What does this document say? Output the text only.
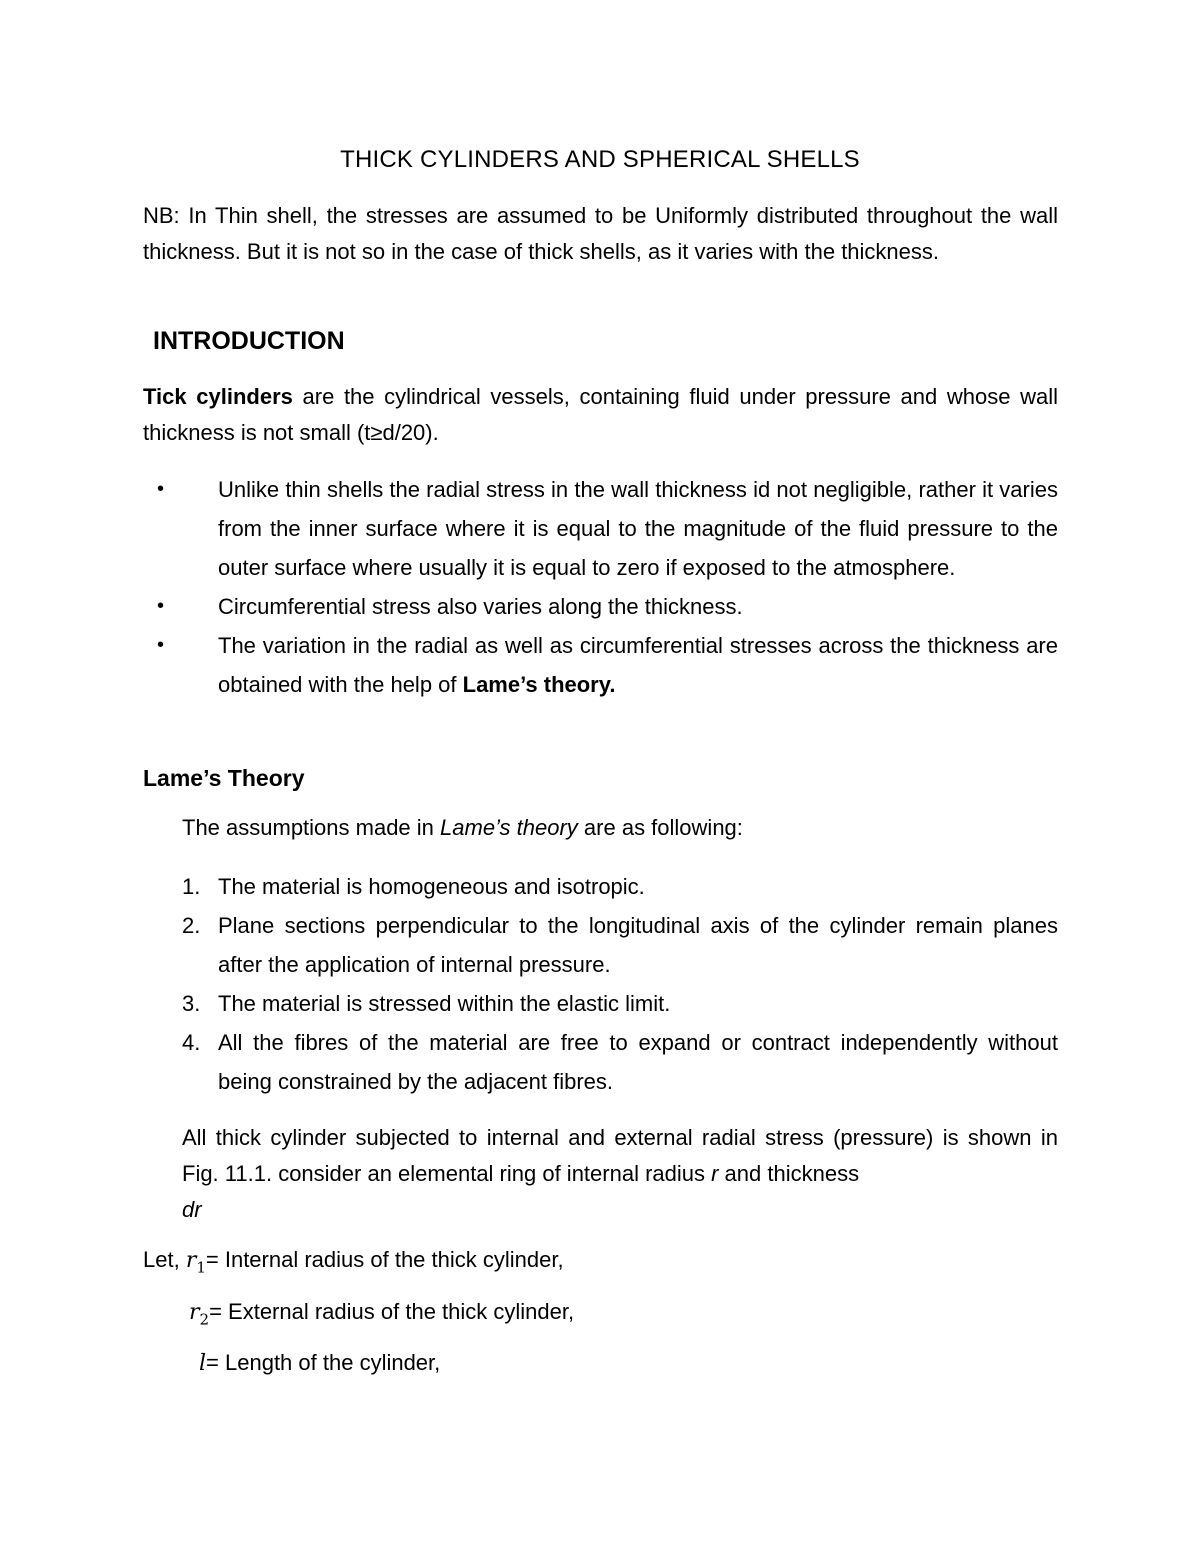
THICK CYLINDERS AND SPHERICAL SHELLS

NB: In Thin shell, the stresses are assumed to be Uniformly distributed throughout the wall thickness. But it is not so in the case of thick shells, as it varies with the thickness.

INTRODUCTION

Tick cylinders are the cylindrical vessels, containing fluid under pressure and whose wall thickness is not small (t≥d/20).

• Unlike thin shells the radial stress in the wall thickness id not negligible, rather it varies from the inner surface where it is equal to the magnitude of the fluid pressure to the outer surface where usually it is equal to zero if exposed to the atmosphere.
• Circumferential stress also varies along the thickness.
• The variation in the radial as well as circumferential stresses across the thickness are obtained with the help of Lame’s theory.
Lame’s Theory
The assumptions made in Lame’s theory are as following:
1. The material is homogeneous and isotropic.
2. Plane sections perpendicular to the longitudinal axis of the cylinder remain planes after the application of internal pressure.
3. The material is stressed within the elastic limit.
4. All the fibres of the material are free to expand or contract independently without being constrained by the adjacent fibres.
All thick cylinder subjected to internal and external radial stress (pressure) is shown in Fig. 11.1. consider an elemental ring of internal radius r and thickness
dr
Let, $r_1=$ Internal radius of the thick cylinder,
$r_2=$ External radius of the thick cylinder,
l= Length of the cylinder,
